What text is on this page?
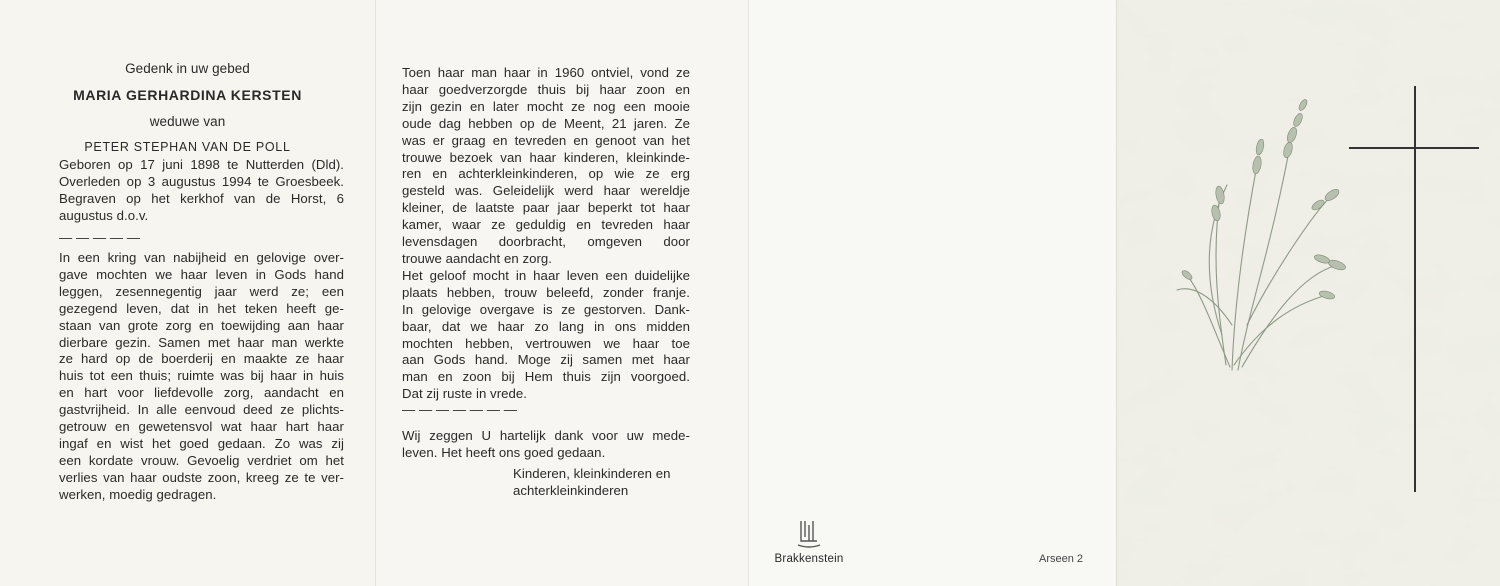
Gedenk in uw gebed
MARIA GERHARDINA KERSTEN
weduwe van
PETER STEPHAN VAN DE POLL
Geboren op 17 juni 1898 te Nutterden (Dld).
Overleden op 3 augustus 1994 te Groesbeek.
Begraven op het kerkhof van de Horst, 6
augustus d.o.v.
— — — — —
In een kring van nabijheid en gelovige over-
gave mochten we haar leven in Gods hand
leggen, zesennegentig jaar werd ze; een
gezegend leven, dat in het teken heeft ge-
staan van grote zorg en toewijding aan haar
dierbare gezin. Samen met haar man werkte
ze hard op de boerderij en maakte ze haar
huis tot een thuis; ruimte was bij haar in huis
en hart voor liefdevolle zorg, aandacht en
gastvrijheid. In alle eenvoud deed ze plichts-
getrouw en gewetensvol wat haar hart haar
ingaf en wist het goed gedaan. Zo was zij
een kordate vrouw. Gevoelig verdriet om het
verlies van haar oudste zoon, kreeg ze te ver-
werken, moedig gedragen.
Toen haar man haar in 1960 ontviel, vond ze
haar goedverzorgde thuis bij haar zoon en
zijn gezin en later mocht ze nog een mooie
oude dag hebben op de Meent, 21 jaren. Ze
was er graag en tevreden en genoot van het
trouwe bezoek van haar kinderen, kleinkinde-
ren en achterkleinkinderen, op wie ze erg
gesteld was. Geleidelijk werd haar wereldje
kleiner, de laatste paar jaar beperkt tot haar
kamer, waar ze geduldig en tevreden haar
levensdagen doorbracht, omgeven door
trouwe aandacht en zorg.
Het geloof mocht in haar leven een duidelijke
plaats hebben, trouw beleefd, zonder franje.
In gelovige overgave is ze gestorven. Dank-
baar, dat we haar zo lang in ons midden
mochten hebben, vertrouwen we haar toe
aan Gods hand. Moge zij samen met haar
man en zoon bij Hem thuis zijn voorgoed.
Dat zij ruste in vrede.
— — — — — — —
Wij zeggen U hartelijk dank voor uw mede-
leven. Het heeft ons goed gedaan.
Kinderen, kleinkinderen en
achterkleinkinderen
Brakkenstein	Arseen 2
